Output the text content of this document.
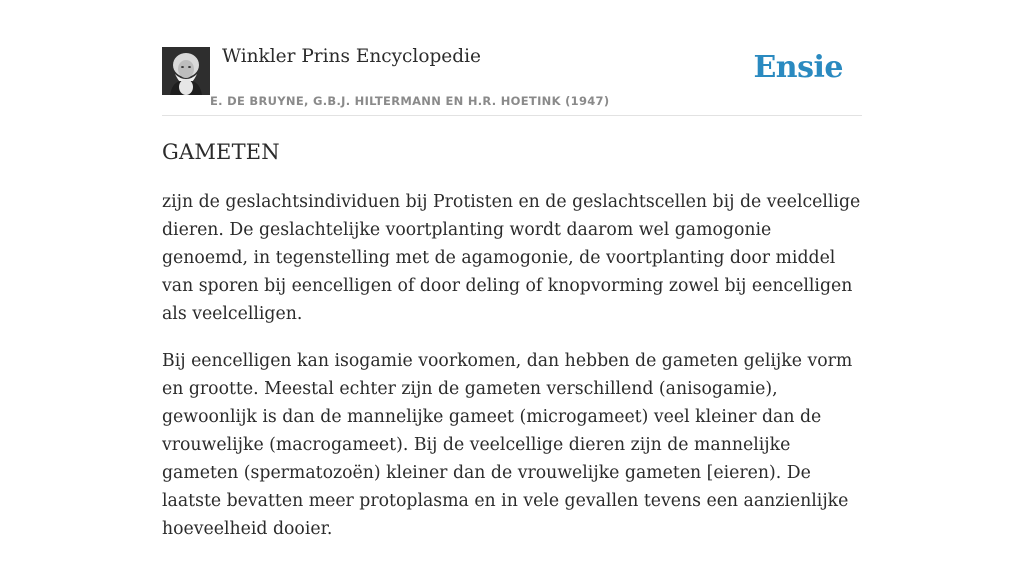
Winkler Prins Encyclopedie
E. DE BRUYNE, G.B.J. HILTERMANN EN H.R. HOETINK (1947)
Ensie
GAMETEN

zijn de geslachtsindividuen bij Protisten en de geslachtscellen bij de veelcellige dieren. De geslachtelijke voortplanting wordt daarom wel gamogonie genoemd, in tegenstelling met de agamogonie, de voortplanting door middel van sporen bij eencelligen of door deling of knopvorming zowel bij eencelligen als veelcelligen.

Bij eencelligen kan isogamie voorkomen, dan hebben de gameten gelijke vorm en grootte. Meestal echter zijn de gameten verschillend (anisogamie), gewoonlijk is dan de mannelijke gameet (microgameet) veel kleiner dan de vrouwelijke (macrogameet). Bij de veelcellige dieren zijn de mannelijke gameten (spermatozoën) kleiner dan de vrouwelijke gameten [eieren). De laatste bevatten meer protoplasma en in vele gevallen tevens een aanzienlijke hoeveelheid dooier.
